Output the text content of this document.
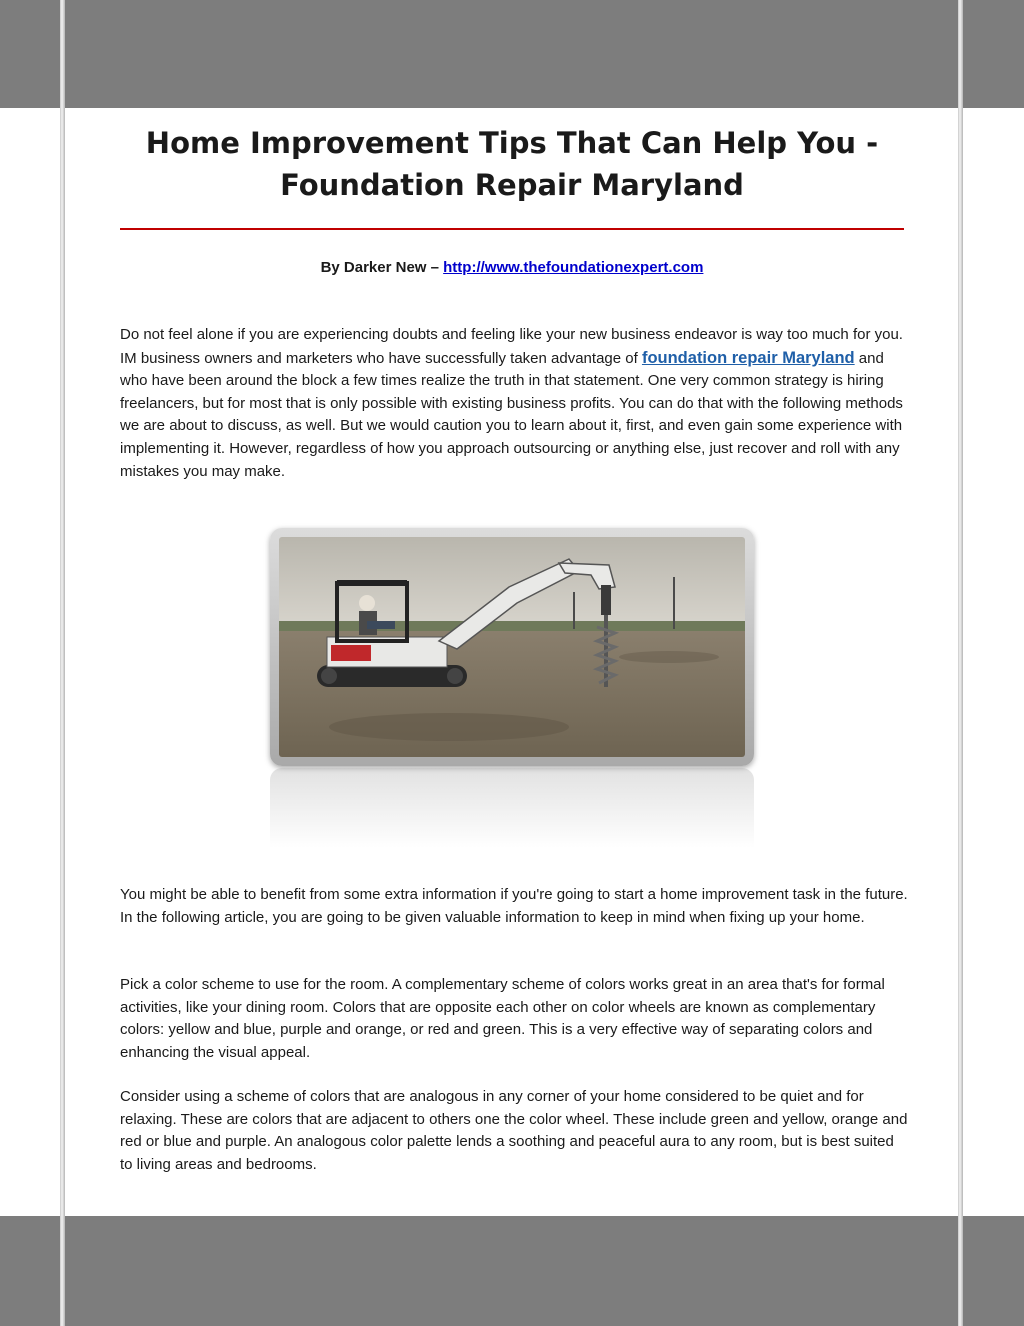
Home Improvement Tips That Can Help You - Foundation Repair Maryland
By Darker New – http://www.thefoundationexpert.com

Do not feel alone if you are experiencing doubts and feeling like your new business endeavor is way too much for you. IM business owners and marketers who have successfully taken advantage of foundation repair Maryland and who have been around the block a few times realize the truth in that statement. One very common strategy is hiring freelancers, but for most that is only possible with existing business profits. You can do that with the following methods we are about to discuss, as well. But we would caution you to learn about it, first, and even gain some experience with implementing it. However, regardless of how you approach outsourcing or anything else, just recover and roll with any mistakes you may make.

You might be able to benefit from some extra information if you're going to start a home improvement task in the future. In the following article, you are going to be given valuable information to keep in mind when fixing up your home.

Pick a color scheme to use for the room. A complementary scheme of colors works great in an area that's for formal activities, like your dining room. Colors that are opposite each other on color wheels are known as complementary colors: yellow and blue, purple and orange, or red and green. This is a very effective way of separating colors and enhancing the visual appeal.

Consider using a scheme of colors that are analogous in any corner of your home considered to be quiet and for relaxing. These are colors that are adjacent to others one the color wheel. These include green and yellow, orange and red or blue and purple. An analogous color palette lends a soothing and peaceful aura to any room, but is best suited to living areas and bedrooms.
